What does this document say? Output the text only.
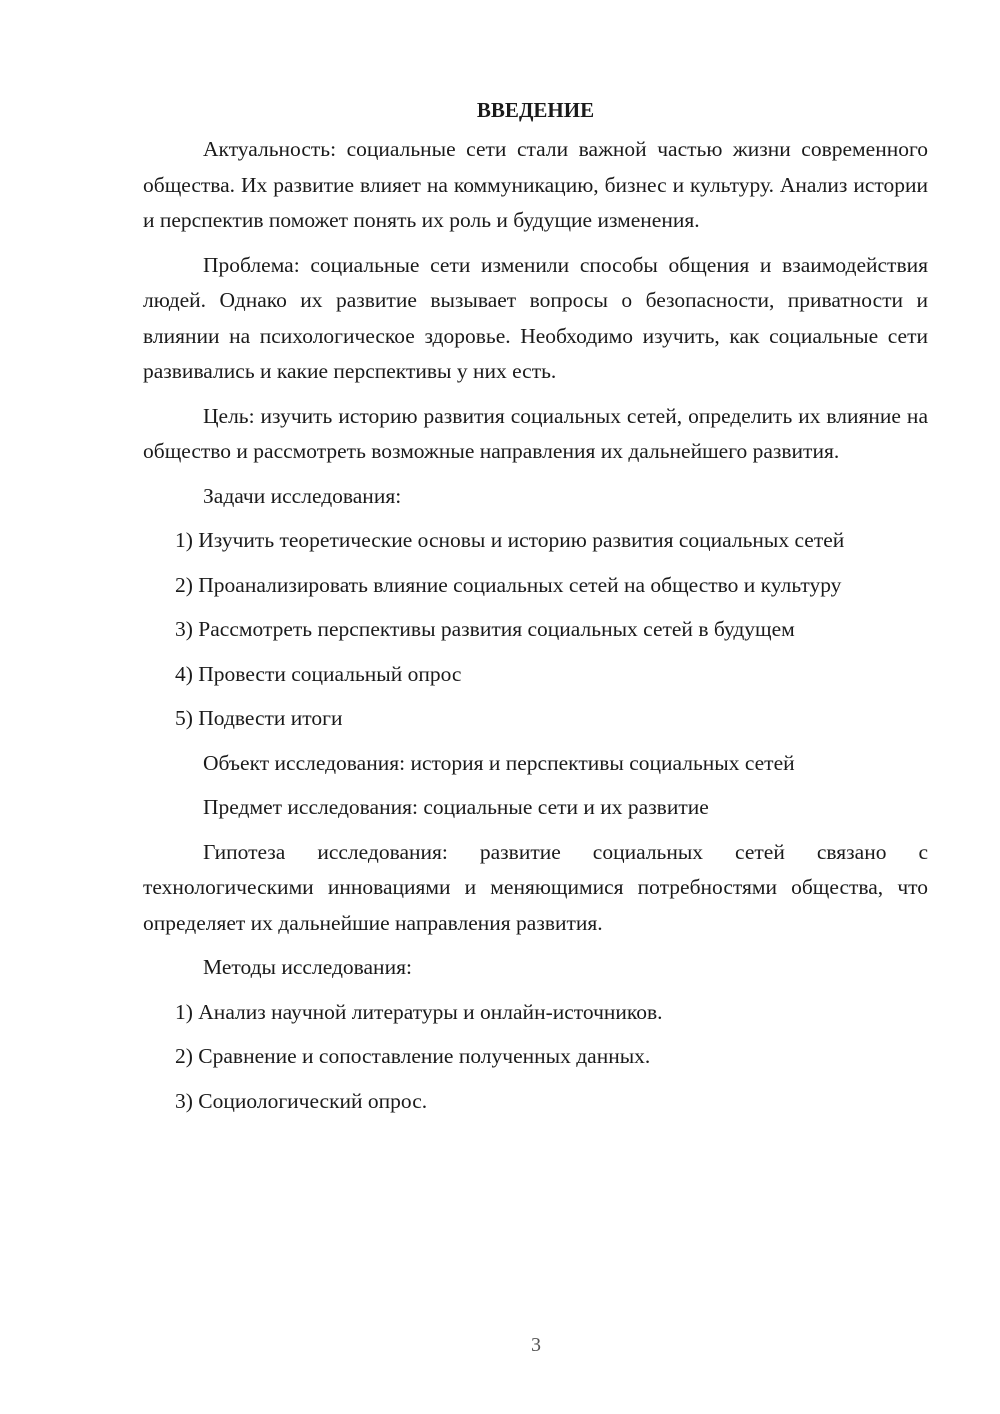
ВВЕДЕНИЕ

Актуальность: социальные сети стали важной частью жизни современного общества. Их развитие влияет на коммуникацию, бизнес и культуру. Анализ истории и перспектив поможет понять их роль и будущие изменения.

Проблема: социальные сети изменили способы общения и взаимодействия людей. Однако их развитие вызывает вопросы о безопасности, приватности и влиянии на психологическое здоровье. Необходимо изучить, как социальные сети развивались и какие перспективы у них есть.

Цель: изучить историю развития социальных сетей, определить их влияние на общество и рассмотреть возможные направления их дальнейшего развития.

Задачи исследования:

1) Изучить теоретические основы и историю развития социальных сетей

2) Проанализировать влияние социальных сетей на общество и культуру

3) Рассмотреть перспективы развития социальных сетей в будущем

4) Провести социальный опрос

5) Подвести итоги

Объект исследования: история и перспективы социальных сетей

Предмет исследования: социальные сети и их развитие

Гипотеза исследования: развитие социальных сетей связано с технологическими инновациями и меняющимися потребностями общества, что определяет их дальнейшие направления развития.

Методы исследования:

1) Анализ научной литературы и онлайн-источников.

2) Сравнение и сопоставление полученных данных.

3) Социологический опрос.

3
